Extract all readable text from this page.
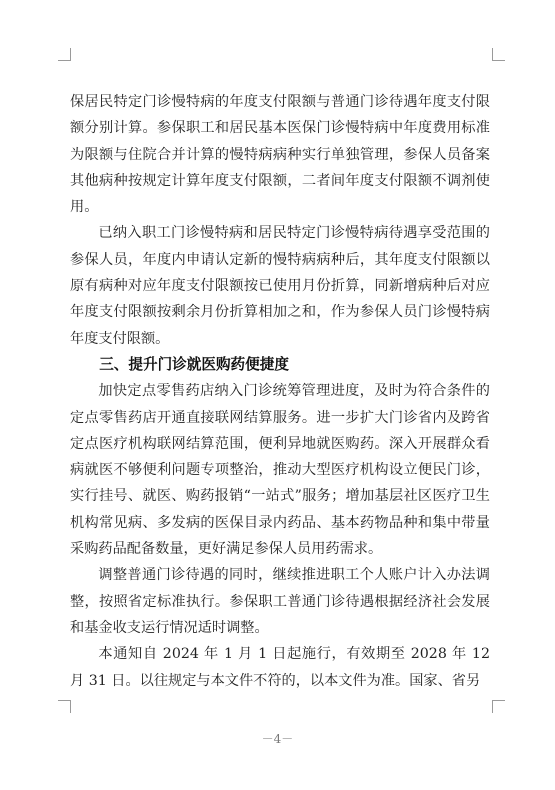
保居民特定门诊慢特病的年度支付限额与普通门诊待遇年度支付限额分别计算。参保职工和居民基本医保门诊慢特病中年度费用标准为限额与住院合并计算的慢特病病种实行单独管理，参保人员备案其他病种按规定计算年度支付限额，二者间年度支付限额不调剂使用。

已纳入职工门诊慢特病和居民特定门诊慢特病待遇享受范围的参保人员，年度内申请认定新的慢特病病种后，其年度支付限额以原有病种对应年度支付限额按已使用月份折算，同新增病种后对应年度支付限额按剩余月份折算相加之和，作为参保人员门诊慢特病年度支付限额。

三、提升门诊就医购药便捷度

加快定点零售药店纳入门诊统筹管理进度，及时为符合条件的定点零售药店开通直接联网结算服务。进一步扩大门诊省内及跨省定点医疗机构联网结算范围，便利异地就医购药。深入开展群众看病就医不够便利问题专项整治，推动大型医疗机构设立便民门诊，实行挂号、就医、购药报销“一站式”服务；增加基层社区医疗卫生机构常见病、多发病的医保目录内药品、基本药物品种和集中带量采购药品配备数量，更好满足参保人员用药需求。

调整普通门诊待遇的同时，继续推进职工个人账户计入办法调整，按照省定标准执行。参保职工普通门诊待遇根据经济社会发展和基金收支运行情况适时调整。

本通知自 2024 年 1 月 1 日起施行，有效期至 2028 年 12 月 31 日。以往规定与本文件不符的，以本文件为准。国家、省另

－4－
